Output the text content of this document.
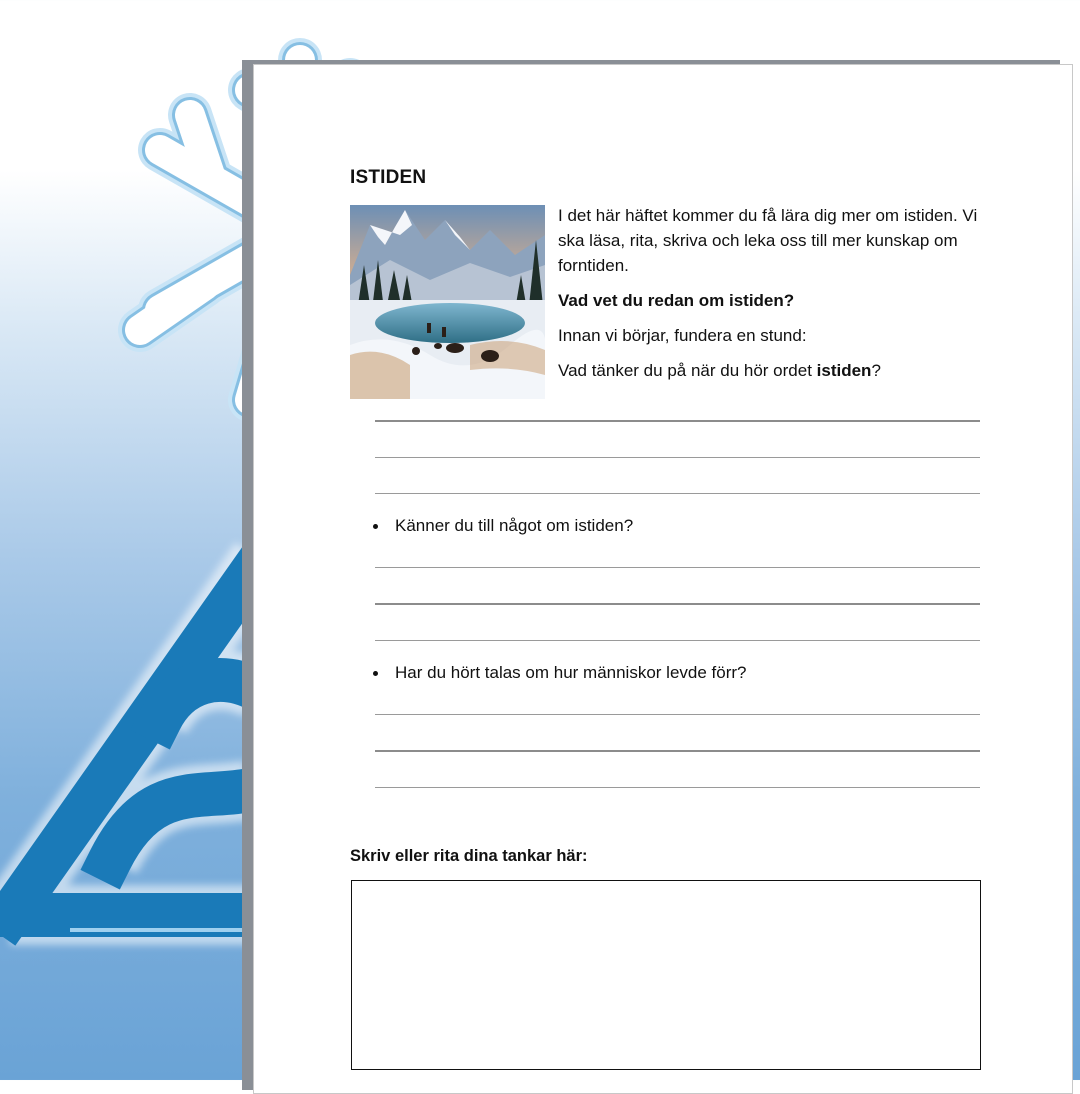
ISTIDEN

I det här häftet kommer du få lära dig mer om istiden. Vi ska läsa, rita, skriva och leka oss till mer kunskap om forntiden.

Vad vet du redan om istiden?

Innan vi börjar, fundera en stund:

Vad tänker du på när du hör ordet istiden?

Känner du till något om istiden?
Har du hört talas om hur människor levde förr?

Skriv eller rita dina tankar här:
